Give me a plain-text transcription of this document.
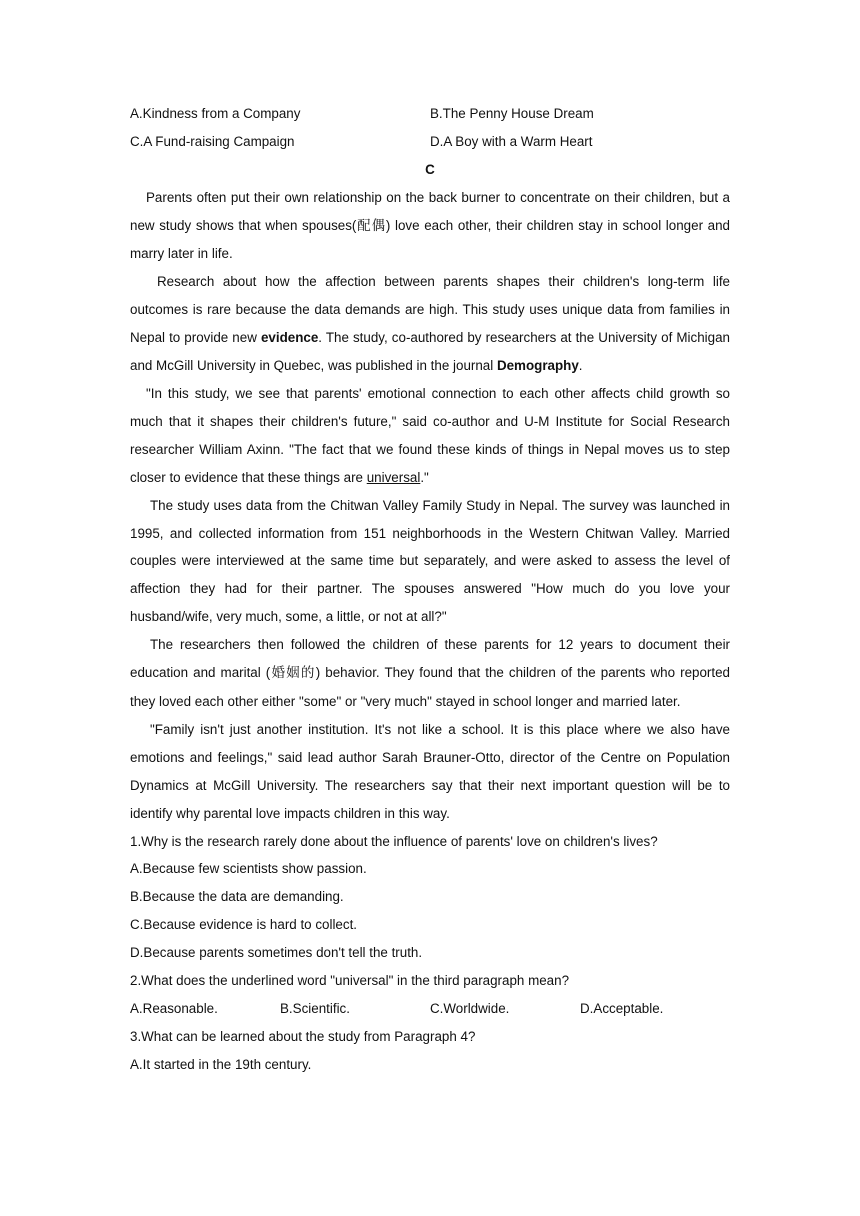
A.Kindness from a Company	B.The Penny House Dream
C.A Fund-raising Campaign	D.A Boy with a Warm Heart
C

Parents often put their own relationship on the back burner to concentrate on their children, but a new study shows that when spouses(配偶) love each other, their children stay in school longer and marry later in life.

Research about how the affection between parents shapes their children's long-term life outcomes is rare because the data demands are high. This study uses unique data from families in Nepal to provide new evidence. The study, co-authored by researchers at the University of Michigan and McGill University in Quebec, was published in the journal Demography.

"In this study, we see that parents' emotional connection to each other affects child growth so much that it shapes their children's future," said co-author and U-M Institute for Social Research researcher William Axinn. "The fact that we found these kinds of things in Nepal moves us to step closer to evidence that these things are universal."

The study uses data from the Chitwan Valley Family Study in Nepal. The survey was launched in 1995, and collected information from 151 neighborhoods in the Western Chitwan Valley. Married couples were interviewed at the same time but separately, and were asked to assess the level of affection they had for their partner. The spouses answered "How much do you love your husband/wife, very much, some, a little, or not at all?"

The researchers then followed the children of these parents for 12 years to document their education and marital (婚姻的) behavior. They found that the children of the parents who reported they loved each other either "some" or "very much" stayed in school longer and married later.

"Family isn't just another institution. It's not like a school. It is this place where we also have emotions and feelings," said lead author Sarah Brauner-Otto, director of the Centre on Population Dynamics at McGill University. The researchers say that their next important question will be to identify why parental love impacts children in this way.

1.Why is the research rarely done about the influence of parents' love on children's lives?
A.Because few scientists show passion.
B.Because the data are demanding.
C.Because evidence is hard to collect.
D.Because parents sometimes don't tell the truth.
2.What does the underlined word "universal" in the third paragraph mean?
A.Reasonable.	B.Scientific.	C.Worldwide.	D.Acceptable.
3.What can be learned about the study from Paragraph 4?
A.It started in the 19th century.
